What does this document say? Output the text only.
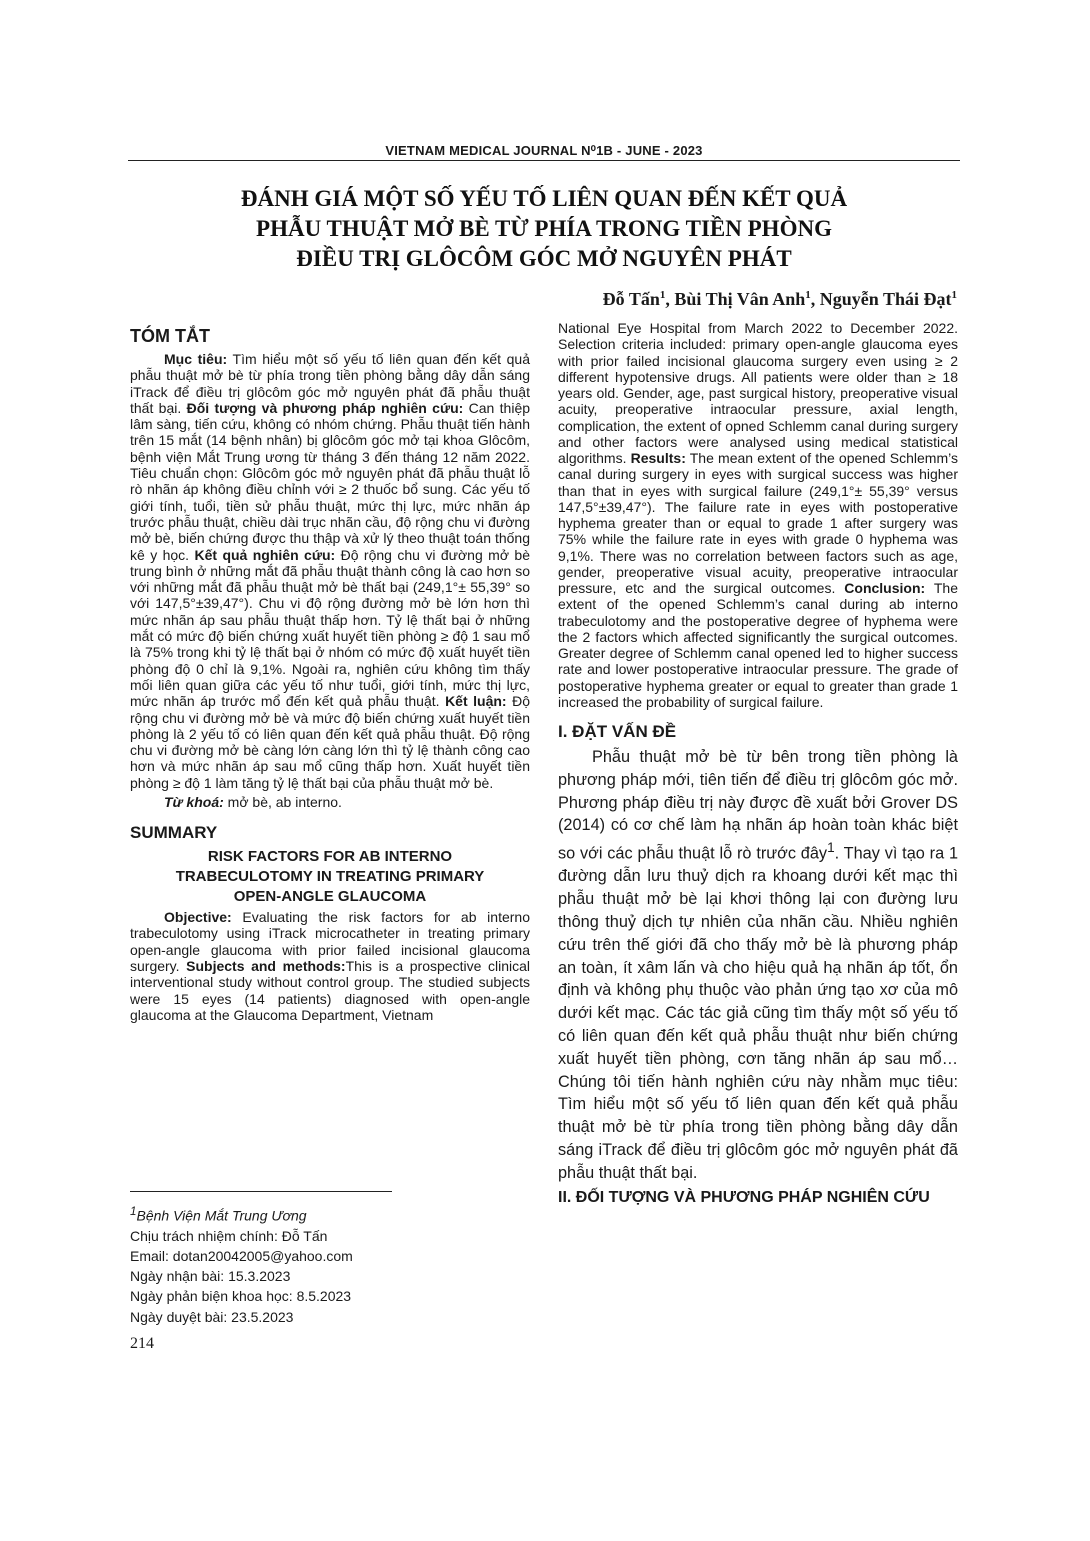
VIETNAM MEDICAL JOURNAL N⁰1B - JUNE - 2023
ĐÁNH GIÁ MỘT SỐ YẾU TỐ LIÊN QUAN ĐẾN KẾT QUẢ
PHẪU THUẬT MỞ BÈ TỪ PHÍA TRONG TIỀN PHÒNG
ĐIỀU TRỊ GLÔCÔM GÓC MỞ NGUYÊN PHÁT
Đỗ Tấn$^1$, Bùi Thị Vân Anh$^1$, Nguyễn Thái Đạt$^1$
TÓM TẮT

Mục tiêu: Tìm hiểu một số yếu tố liên quan đến kết quả phẫu thuật mở bè từ phía trong tiền phòng bằng dây dẫn sáng iTrack để điều trị glôcôm góc mở nguyên phát đã phẫu thuật thất bại. Đối tượng và phương pháp nghiên cứu: Can thiệp lâm sàng, tiến cứu, không có nhóm chứng. Phẫu thuật tiến hành trên 15 mắt (14 bệnh nhân) bị glôcôm góc mở tại khoa Glôcôm, bệnh viện Mắt Trung ương từ tháng 3 đến tháng 12 năm 2022. Tiêu chuẩn chọn: Glôcôm góc mở nguyên phát đã phẫu thuật lỗ rò nhãn áp không điều chỉnh với ≥ 2 thuốc bổ sung. Các yếu tố giới tính, tuổi, tiền sử phẫu thuật, mức thị lực, mức nhãn áp trước phẫu thuật, chiều dài trục nhãn cầu, độ rộng chu vi đường mở bè, biến chứng được thu thập và xử lý theo thuật toán thống kê y học. Kết quả nghiên cứu: Độ rộng chu vi đường mở bè trung bình ở những mắt đã phẫu thuật thành công là cao hơn so với những mắt đã phẫu thuật mở bè thất bại (249,1°± 55,39° so với 147,5°±39,47°). Chu vi độ rộng đường mở bè lớn hơn thì mức nhãn áp sau phẫu thuật thấp hơn. Tỷ lệ thất bại ở những mắt có mức độ biến chứng xuất huyết tiền phòng ≥ độ 1 sau mổ là 75% trong khi tỷ lệ thất bại ở nhóm có mức độ xuất huyết tiền phòng độ 0 chỉ là 9,1%. Ngoài ra, nghiên cứu không tìm thấy mối liên quan giữa các yếu tố như tuổi, giới tính, mức thị lực, mức nhãn áp trước mổ đến kết quả phẫu thuật. Kết luận: Độ rộng chu vi đường mở bè và mức độ biến chứng xuất huyết tiền phòng là 2 yếu tố có liên quan đến kết quả phẫu thuật. Độ rộng chu vi đường mở bè càng lớn càng lớn thì tỷ lệ thành công cao hơn và mức nhãn áp sau mổ cũng thấp hơn. Xuất huyết tiền phòng ≥ độ 1 làm tăng tỷ lệ thất bại của phẫu thuật mở bè.

Từ khoá: mở bè, ab interno.

SUMMARY
RISK FACTORS FOR AB INTERNO
TRABECULOTOMY IN TREATING PRIMARY
OPEN-ANGLE GLAUCOMA

Objective: Evaluating the risk factors for ab interno trabeculotomy using iTrack microcatheter in treating primary open-angle glaucoma with prior failed incisional glaucoma surgery. Subjects and methods:This is a prospective clinical interventional study without control group. The studied subjects were 15 eyes (14 patients) diagnosed with open-angle glaucoma at the Glaucoma Department, Vietnam

$^1$Bệnh Viện Mắt Trung Ương
Chịu trách nhiệm chính: Đỗ Tấn
Email: dotan20042005@yahoo.com
Ngày nhận bài: 15.3.2023
Ngày phản biện khoa học: 8.5.2023
Ngày duyệt bài: 23.5.2023
214

National Eye Hospital from March 2022 to December 2022. Selection criteria included: primary open-angle glaucoma eyes with prior failed incisional glaucoma surgery even using ≥ 2 different hypotensive drugs. All patients were older than ≥ 18 years old. Gender, age, past surgical history, preoperative visual acuity, preoperative intraocular pressure, axial length, complication, the extent of opned Schlemm canal during surgery and other factors were analysed using medical statistical algorithms. Results: The mean extent of the opened Schlemm’s canal during surgery in eyes with surgical success was higher than that in eyes with surgical failure (249,1°± 55,39° versus 147,5°±39,47°). The failure rate in eyes with postoperative hyphema greater than or equal to grade 1 after surgery was 75% while the failure rate in eyes with grade 0 hyphema was 9,1%. There was no correlation between factors such as age, gender, preoperative visual acuity, preoperative intraocular pressure, etc and the surgical outcomes. Conclusion: The extent of the opened Schlemm’s canal during ab interno trabeculotomy and the postoperative degree of hyphema were the 2 factors which affected significantly the surgical outcomes. Greater degree of Schlemm canal opened led to higher success rate and lower postoperative intraocular pressure. The grade of postoperative hyphema greater or equal to greater than grade 1 increased the probability of surgical failure.

I. ĐẶT VẤN ĐỀ

Phẫu thuật mở bè từ bên trong tiền phòng là phương pháp mới, tiên tiến để điều trị glôcôm góc mở. Phương pháp điều trị này được đề xuất bởi Grover DS (2014) có cơ chế làm hạ nhãn áp hoàn toàn khác biệt so với các phẫu thuật lỗ rò trước đây$^1$. Thay vì tạo ra 1 đường dẫn lưu thuỷ dịch ra khoang dưới kết mạc thì phẫu thuật mở bè lại khơi thông lại con đường lưu thông thuỷ dịch tự nhiên của nhãn cầu. Nhiều nghiên cứu trên thế giới đã cho thấy mở bè là phương pháp an toàn, ít xâm lấn và cho hiệu quả hạ nhãn áp tốt, ổn định và không phụ thuộc vào phản ứng tạo xơ của mô dưới kết mạc. Các tác giả cũng tìm thấy một số yếu tố có liên quan đến kết quả phẫu thuật như biến chứng xuất huyết tiền phòng, cơn tăng nhãn áp sau mổ… Chúng tôi tiến hành nghiên cứu này nhằm mục tiêu: Tìm hiểu một số yếu tố liên quan đến kết quả phẫu thuật mở bè từ phía trong tiền phòng bằng dây dẫn sáng iTrack để điều trị glôcôm góc mở nguyên phát đã phẫu thuật thất bại.

II. ĐỐI TƯỢNG VÀ PHƯƠNG PHÁP NGHIÊN CỨU
